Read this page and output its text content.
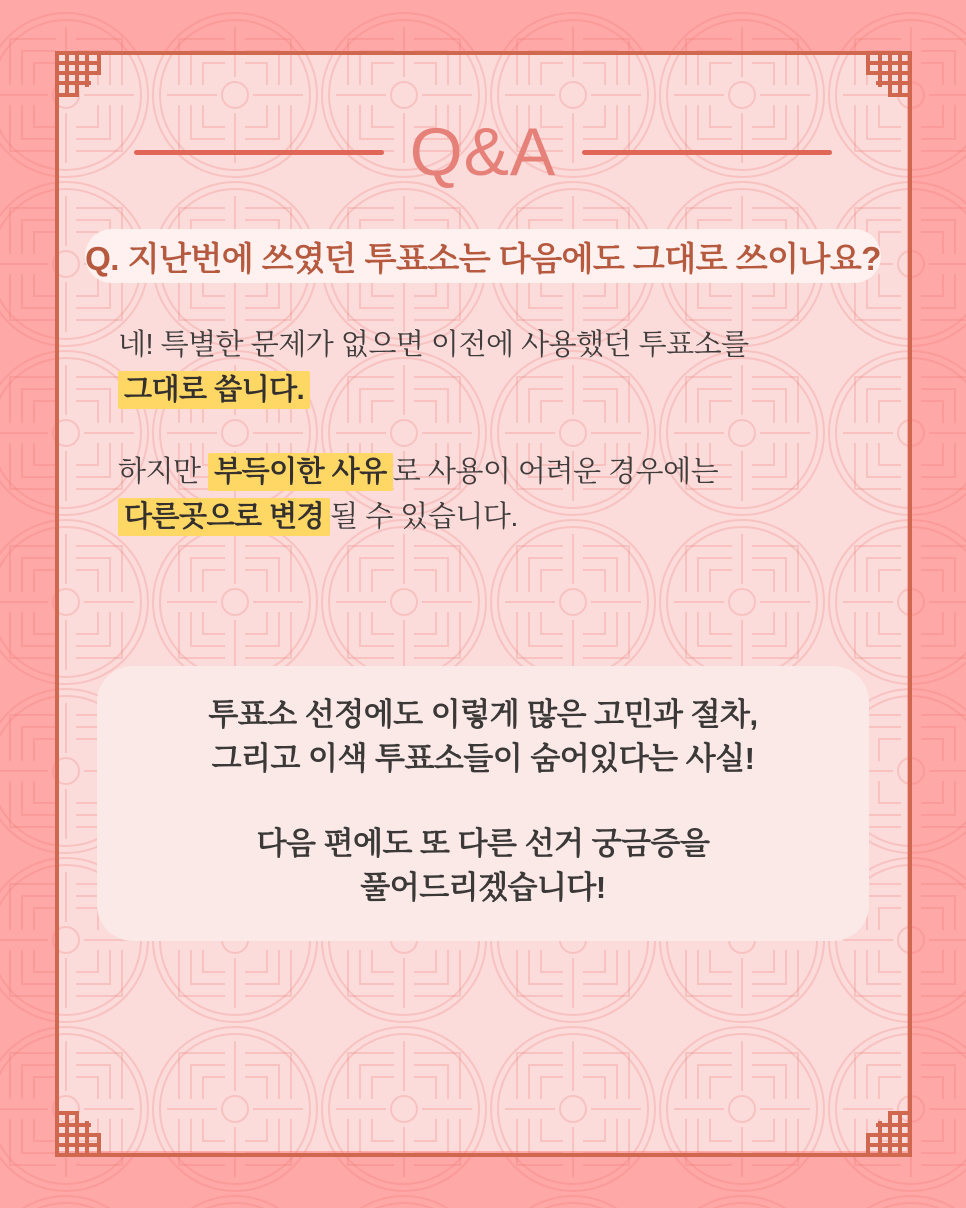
Q&A
Q. 지난번에 쓰였던 투표소는 다음에도 그대로 쓰이나요?

네! 특별한 문제가 없으면 이전에 사용했던 투표소를
그대로 씁니다.

하지만 부득이한 사유 로 사용이 어려운 경우에는
다른곳으로 변경 될 수 있습니다.

투표소 선정에도 이렇게 많은 고민과 절차,
그리고 이색 투표소들이 숨어있다는 사실!

다음 편에도 또 다른 선거 궁금증을
풀어드리겠습니다!
